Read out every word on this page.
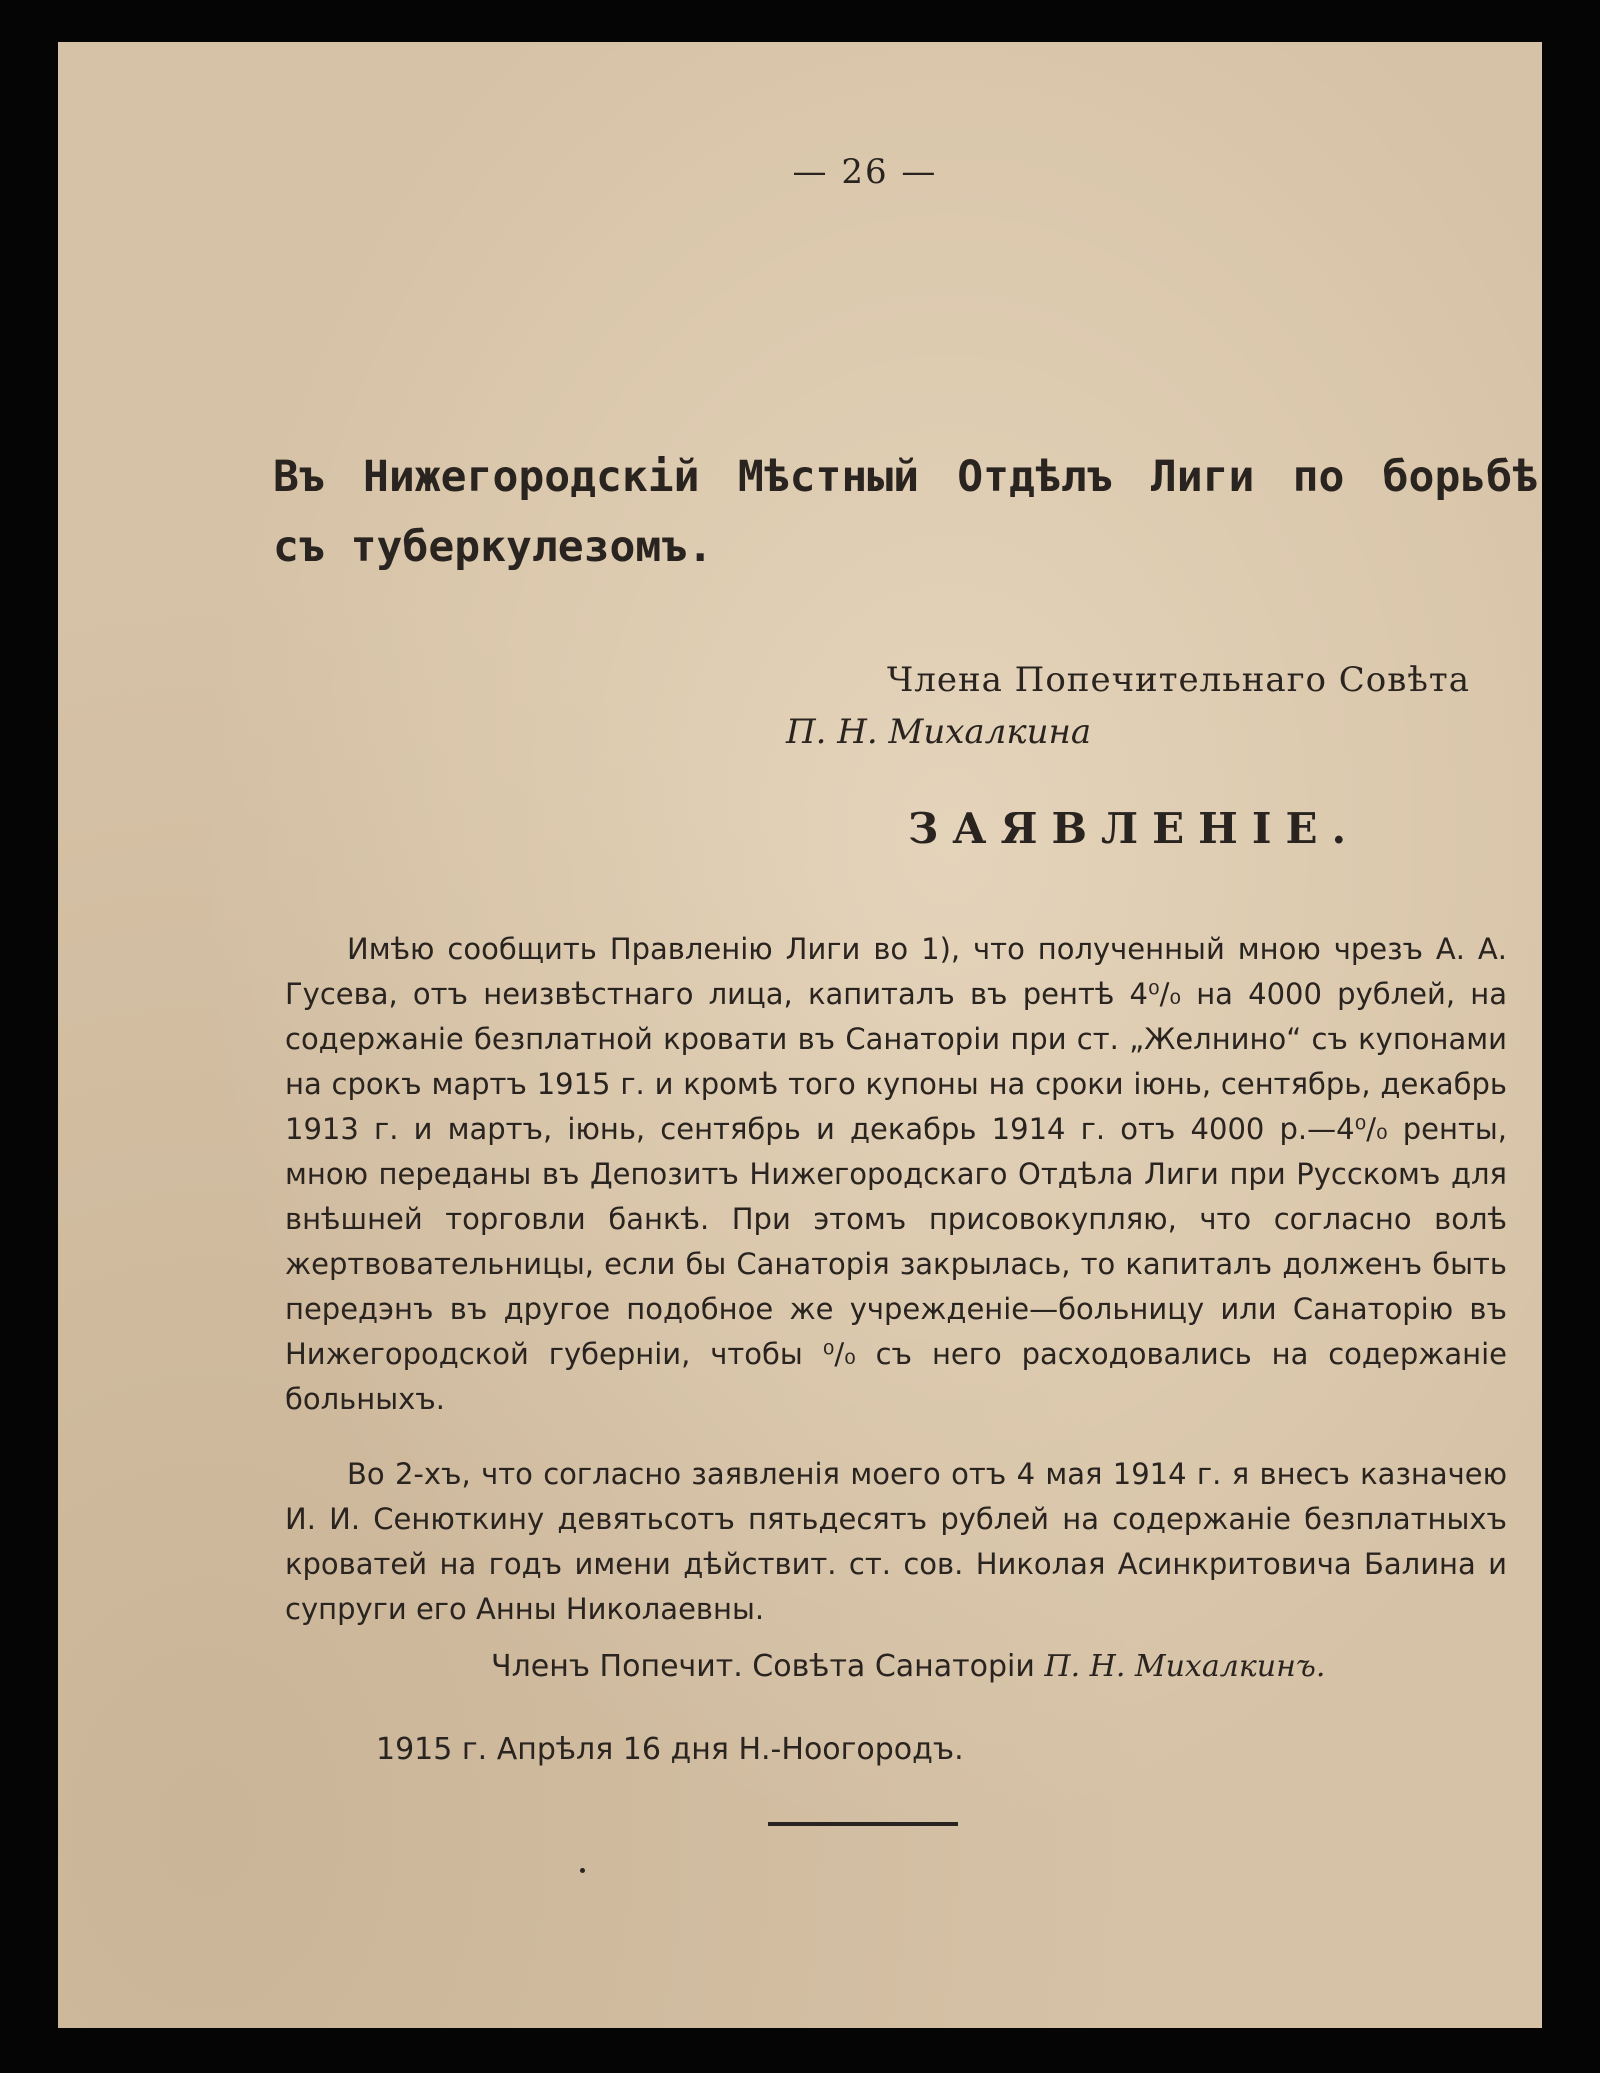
— 26 —
Въ Нижегородскій Мѣстный Отдѣлъ Лиги по борьбѣ съ туберкулезомъ.

Члена Попечительнаго Совѣта

П. Н. Михалкина

ЗАЯВЛЕНІЕ.

Имѣю сообщить Правленію Лиги во 1), что полученный мною чрезъ А. А. Гусева, отъ неизвѣстнаго лица, капиталъ въ рентѣ 4⁰/₀ на 4000 рублей, на содержаніе безплатной кровати въ Санаторіи при ст. „Желнино“ съ купонами на срокъ мартъ 1915 г. и кромѣ того купоны на сроки іюнь, сентябрь, декабрь 1913 г. и мартъ, іюнь, сентябрь и декабрь 1914 г. отъ 4000 р.—4⁰/₀ ренты, мною переданы въ Депозитъ Нижегородскаго Отдѣла Лиги при Русскомъ для внѣшней торговли банкѣ. При этомъ присовокупляю, что согласно волѣ жертвовательницы, если бы Санаторія закрылась, то капиталъ долженъ быть передэнъ въ другое подобное же учрежденіе—больницу или Санаторію въ Нижегородской губерніи, чтобы ⁰/₀ съ него расходовались на содержаніе больныхъ.

Во 2-хъ, что согласно заявленія моего отъ 4 мая 1914 г. я внесъ казначею И. И. Сенюткину девятьсотъ пятьдесятъ рублей на содержаніе безплатныхъ кроватей на годъ имени дѣйствит. ст. сов. Николая Асинкритовича Балина и супруги его Анны Николаевны.

Членъ Попечит. Совѣта Санаторіи П. Н. Михалкинъ.

1915 г. Апрѣля 16 дня Н.-Ноогородъ.
